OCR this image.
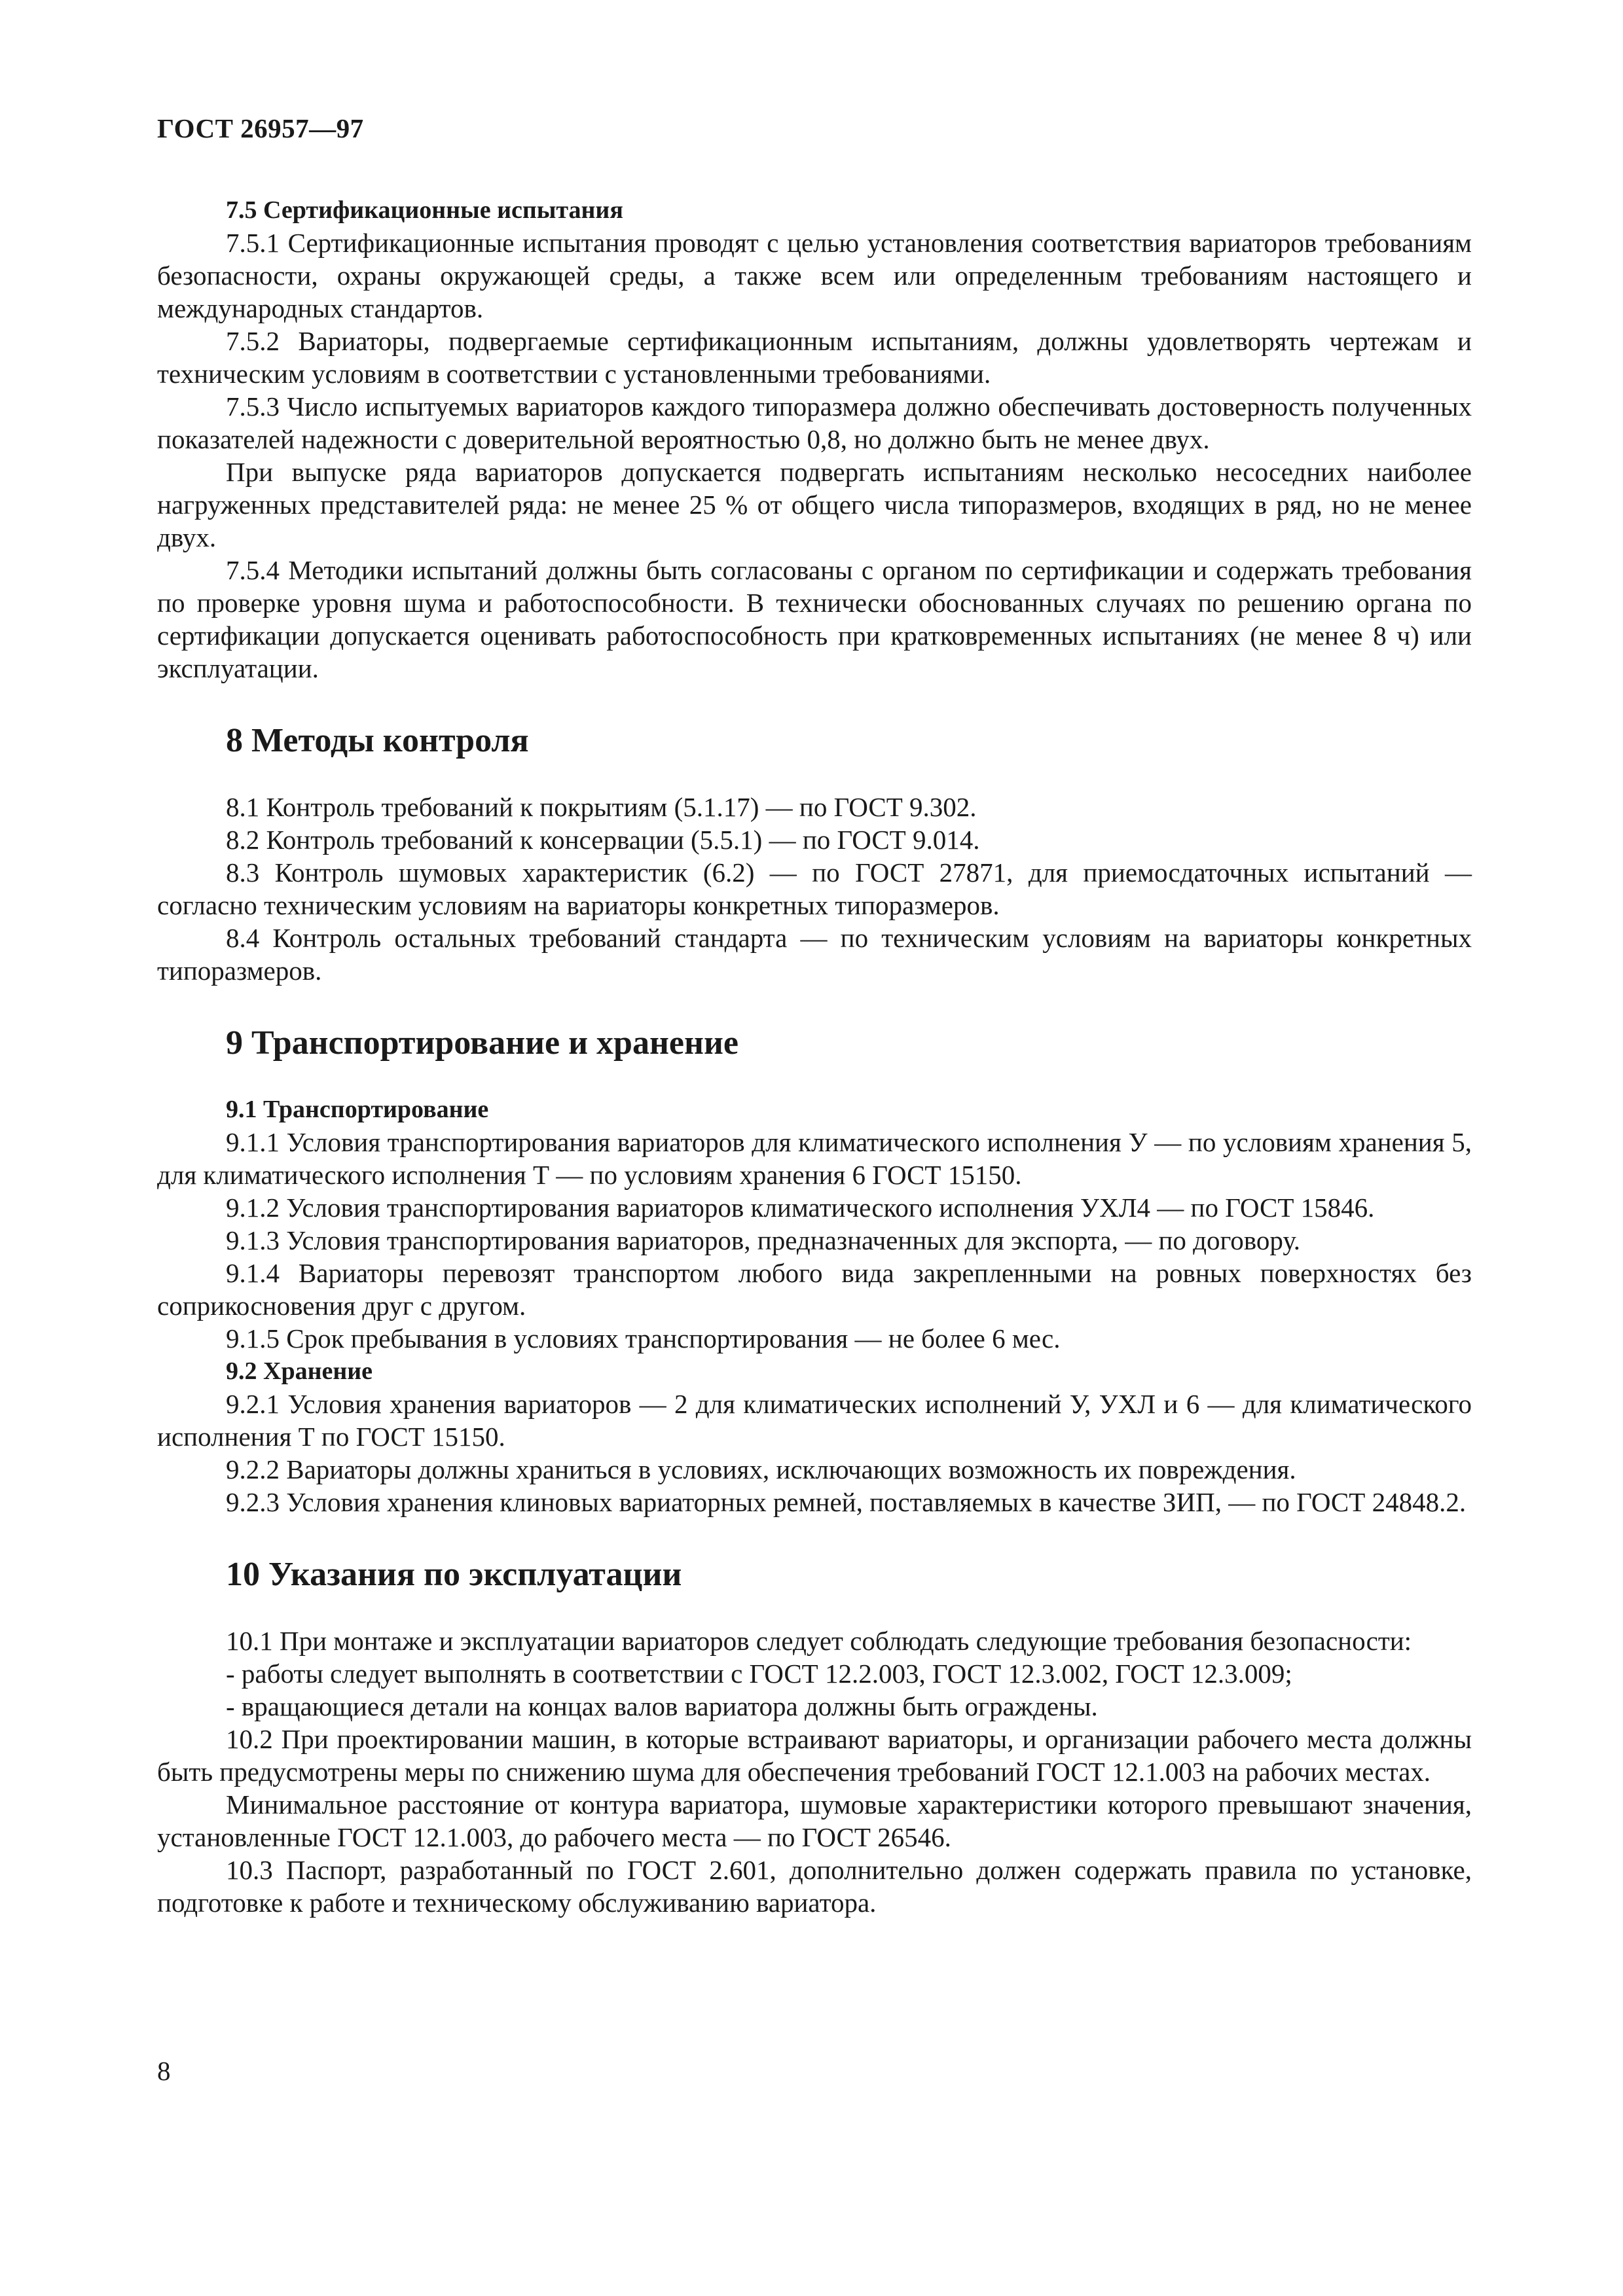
ГОСТ 26957—97

7.5 Сертификационные испытания

7.5.1 Сертификационные испытания проводят с целью установления соответствия вариаторов требованиям безопасности, охраны окружающей среды, а также всем или определенным требованиям настоящего и международных стандартов.

7.5.2 Вариаторы, подвергаемые сертификационным испытаниям, должны удовлетворять чертежам и техническим условиям в соответствии с установленными требованиями.

7.5.3 Число испытуемых вариаторов каждого типоразмера должно обеспечивать достоверность полученных показателей надежности с доверительной вероятностью 0,8, но должно быть не менее двух.

При выпуске ряда вариаторов допускается подвергать испытаниям несколько несоседних наиболее нагруженных представителей ряда: не менее 25 % от общего числа типоразмеров, входящих в ряд, но не менее двух.

7.5.4 Методики испытаний должны быть согласованы с органом по сертификации и содержать требования по проверке уровня шума и работоспособности. В технически обоснованных случаях по решению органа по сертификации допускается оценивать работоспособность при кратковременных испытаниях (не менее 8 ч) или эксплуатации.

8 Методы контроля

8.1 Контроль требований к покрытиям (5.1.17) — по ГОСТ 9.302.

8.2 Контроль требований к консервации (5.5.1) — по ГОСТ 9.014.

8.3 Контроль шумовых характеристик (6.2) — по ГОСТ 27871, для приемосдаточных испытаний — согласно техническим условиям на вариаторы конкретных типоразмеров.

8.4 Контроль остальных требований стандарта — по техническим условиям на вариаторы конкретных типоразмеров.

9 Транспортирование и хранение

9.1 Транспортирование

9.1.1 Условия транспортирования вариаторов для климатического исполнения У — по условиям хранения 5, для климатического исполнения Т — по условиям хранения 6 ГОСТ 15150.

9.1.2 Условия транспортирования вариаторов климатического исполнения УХЛ4 — по ГОСТ 15846.

9.1.3 Условия транспортирования вариаторов, предназначенных для экспорта, — по договору.

9.1.4 Вариаторы перевозят транспортом любого вида закрепленными на ровных поверхностях без соприкосновения друг с другом.

9.1.5 Срок пребывания в условиях транспортирования — не более 6 мес.

9.2 Хранение

9.2.1 Условия хранения вариаторов — 2 для климатических исполнений У, УХЛ и 6 — для климатического исполнения Т по ГОСТ 15150.

9.2.2 Вариаторы должны храниться в условиях, исключающих возможность их повреждения.

9.2.3 Условия хранения клиновых вариаторных ремней, поставляемых в качестве ЗИП, — по ГОСТ 24848.2.

10 Указания по эксплуатации

10.1 При монтаже и эксплуатации вариаторов следует соблюдать следующие требования безопасности:

- работы следует выполнять в соответствии с ГОСТ 12.2.003, ГОСТ 12.3.002, ГОСТ 12.3.009;

- вращающиеся детали на концах валов вариатора должны быть ограждены.

10.2 При проектировании машин, в которые встраивают вариаторы, и организации рабочего места должны быть предусмотрены меры по снижению шума для обеспечения требований ГОСТ 12.1.003 на рабочих местах.

Минимальное расстояние от контура вариатора, шумовые характеристики которого превышают значения, установленные ГОСТ 12.1.003, до рабочего места — по ГОСТ 26546.

10.3 Паспорт, разработанный по ГОСТ 2.601, дополнительно должен содержать правила по установке, подготовке к работе и техническому обслуживанию вариатора.

8
